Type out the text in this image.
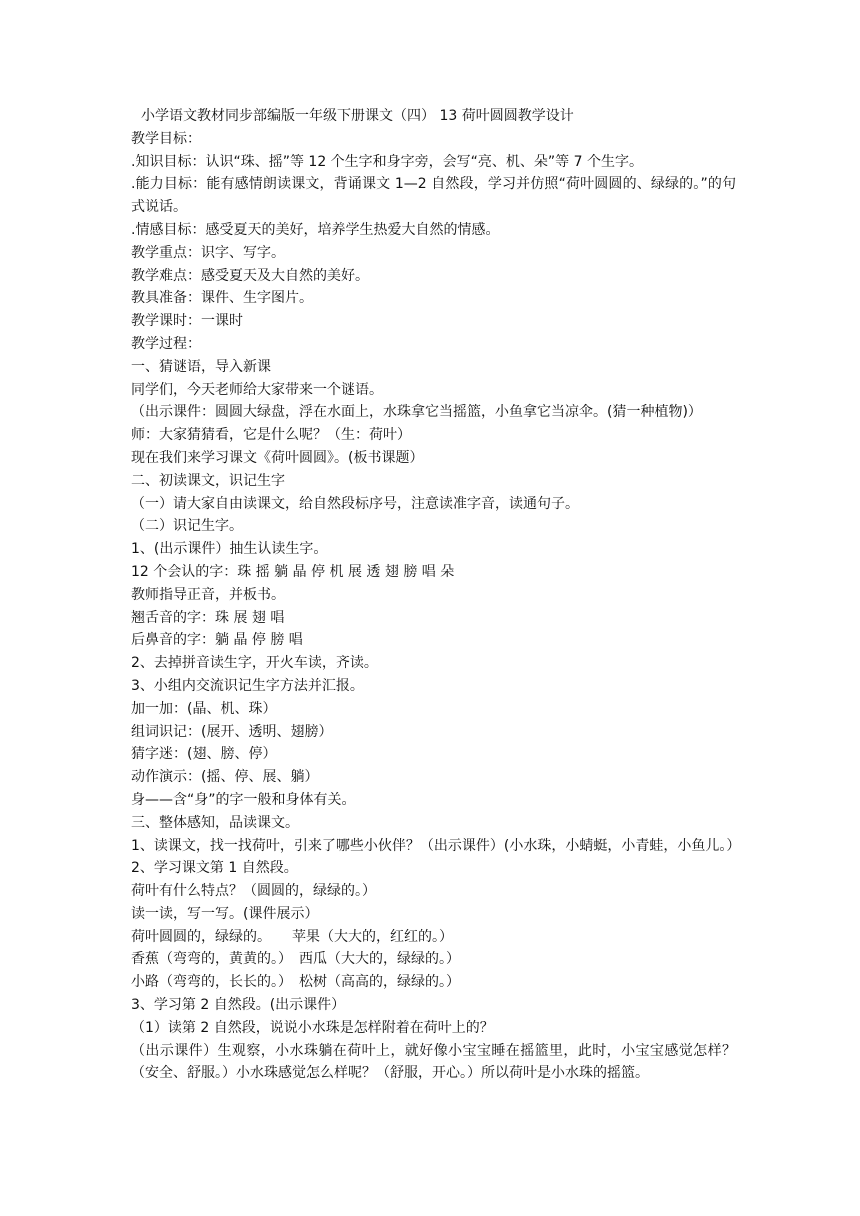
小学语文教材同步部编版一年级下册课文（四） 13 荷叶圆圆教学设计
教学目标：
.知识目标：认识“珠、摇”等 12 个生字和身字旁，会写“亮、机、朵”等 7 个生字。
.能力目标：能有感情朗读课文，背诵课文 1—2 自然段，学习并仿照“荷叶圆圆的、绿绿的。”的句式说话。
.情感目标：感受夏天的美好，培养学生热爱大自然的情感。
教学重点：识字、写字。
教学难点：感受夏天及大自然的美好。
教具准备：课件、生字图片。
教学课时：一课时
教学过程：
一、猜谜语，导入新课
同学们，今天老师给大家带来一个谜语。
（出示课件：圆圆大绿盘，浮在水面上，水珠拿它当摇篮，小鱼拿它当凉伞。(猜一种植物)）
师：大家猜猜看，它是什么呢？（生：荷叶）
现在我们来学习课文《荷叶圆圆》。(板书课题）
二、初读课文，识记生字
（一）请大家自由读课文，给自然段标序号，注意读准字音，读通句子。
（二）识记生字。
1、(出示课件）抽生认读生字。
12 个会认的字：珠 摇 躺 晶 停 机 展 透 翅 膀 唱 朵
教师指导正音，并板书。
翘舌音的字：珠 展 翅 唱
后鼻音的字：躺 晶 停 膀 唱
2、去掉拼音读生字，开火车读，齐读。
3、小组内交流识记生字方法并汇报。
加一加：(晶、机、珠）
组词识记：(展开、透明、翅膀）
猜字迷：(翅、膀、停）
动作演示：(摇、停、展、躺）
身——含“身”的字一般和身体有关。
三、整体感知，品读课文。
1、读课文，找一找荷叶，引来了哪些小伙伴？（出示课件）(小水珠，小蜻蜓，小青蛙，小鱼儿。）
2、学习课文第 1 自然段。
荷叶有什么特点？（圆圆的，绿绿的。）
读一读，写一写。(课件展示）
荷叶圆圆的，绿绿的。　　苹果（大大的，红红的。）
香蕉（弯弯的，黄黄的。）　西瓜（大大的，绿绿的。）
小路（弯弯的，长长的。）　松树（高高的，绿绿的。）
3、学习第 2 自然段。(出示课件）
（1）读第 2 自然段，说说小水珠是怎样附着在荷叶上的？
（出示课件）生观察，小水珠躺在荷叶上，就好像小宝宝睡在摇篮里，此时，小宝宝感觉怎样？（安全、舒服。）小水珠感觉怎么样呢？（舒服，开心。）所以荷叶是小水珠的摇篮。
